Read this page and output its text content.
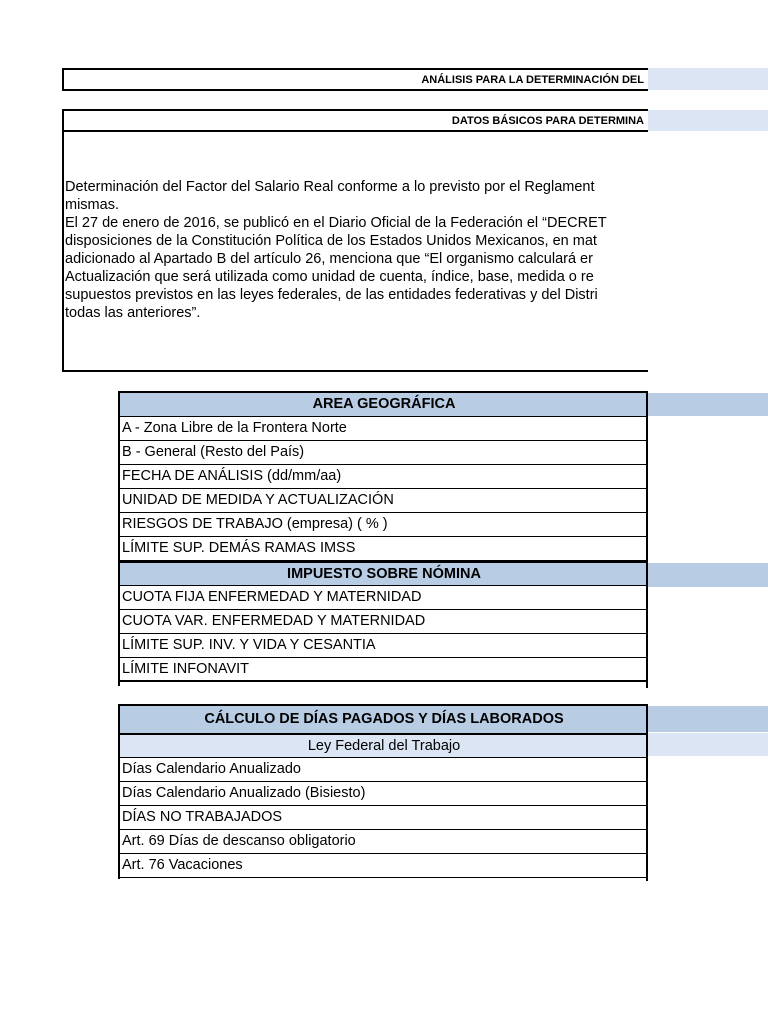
ANÁLISIS PARA LA DETERMINACIÓN DEL
DATOS BÁSICOS PARA DETERMINA
Determinación del Factor del Salario Real conforme a lo previsto por el Reglament
mismas.
El 27 de enero de 2016, se publicó en el Diario Oficial de la Federación el “DECRET
disposiciones de la Constitución Política de los Estados Unidos Mexicanos, en mat
adicionado al Apartado B del artículo 26, menciona que “El organismo calculará er
Actualización que será utilizada como unidad de cuenta, índice, base, medida o re
supuestos previstos en las leyes federales, de las entidades federativas y del Distri
todas las anteriores”.
AREA GEOGRÁFICA
A - Zona Libre de la Frontera Norte
B - General (Resto del País)
FECHA DE ANÁLISIS (dd/mm/aa)
UNIDAD DE MEDIDA Y ACTUALIZACIÓN
RIESGOS DE TRABAJO (empresa) ( % )
LÍMITE SUP. DEMÁS RAMAS IMSS
IMPUESTO SOBRE NÓMINA
CUOTA FIJA ENFERMEDAD Y MATERNIDAD
CUOTA VAR. ENFERMEDAD Y MATERNIDAD
LÍMITE SUP. INV. Y VIDA Y CESANTIA
LÍMITE INFONAVIT
CÁLCULO DE DÍAS PAGADOS Y DÍAS LABORADOS
Ley Federal del Trabajo
Días Calendario Anualizado
Días Calendario Anualizado (Bisiesto)
DÍAS NO TRABAJADOS
Art. 69 Días de descanso obligatorio
Art. 76 Vacaciones
